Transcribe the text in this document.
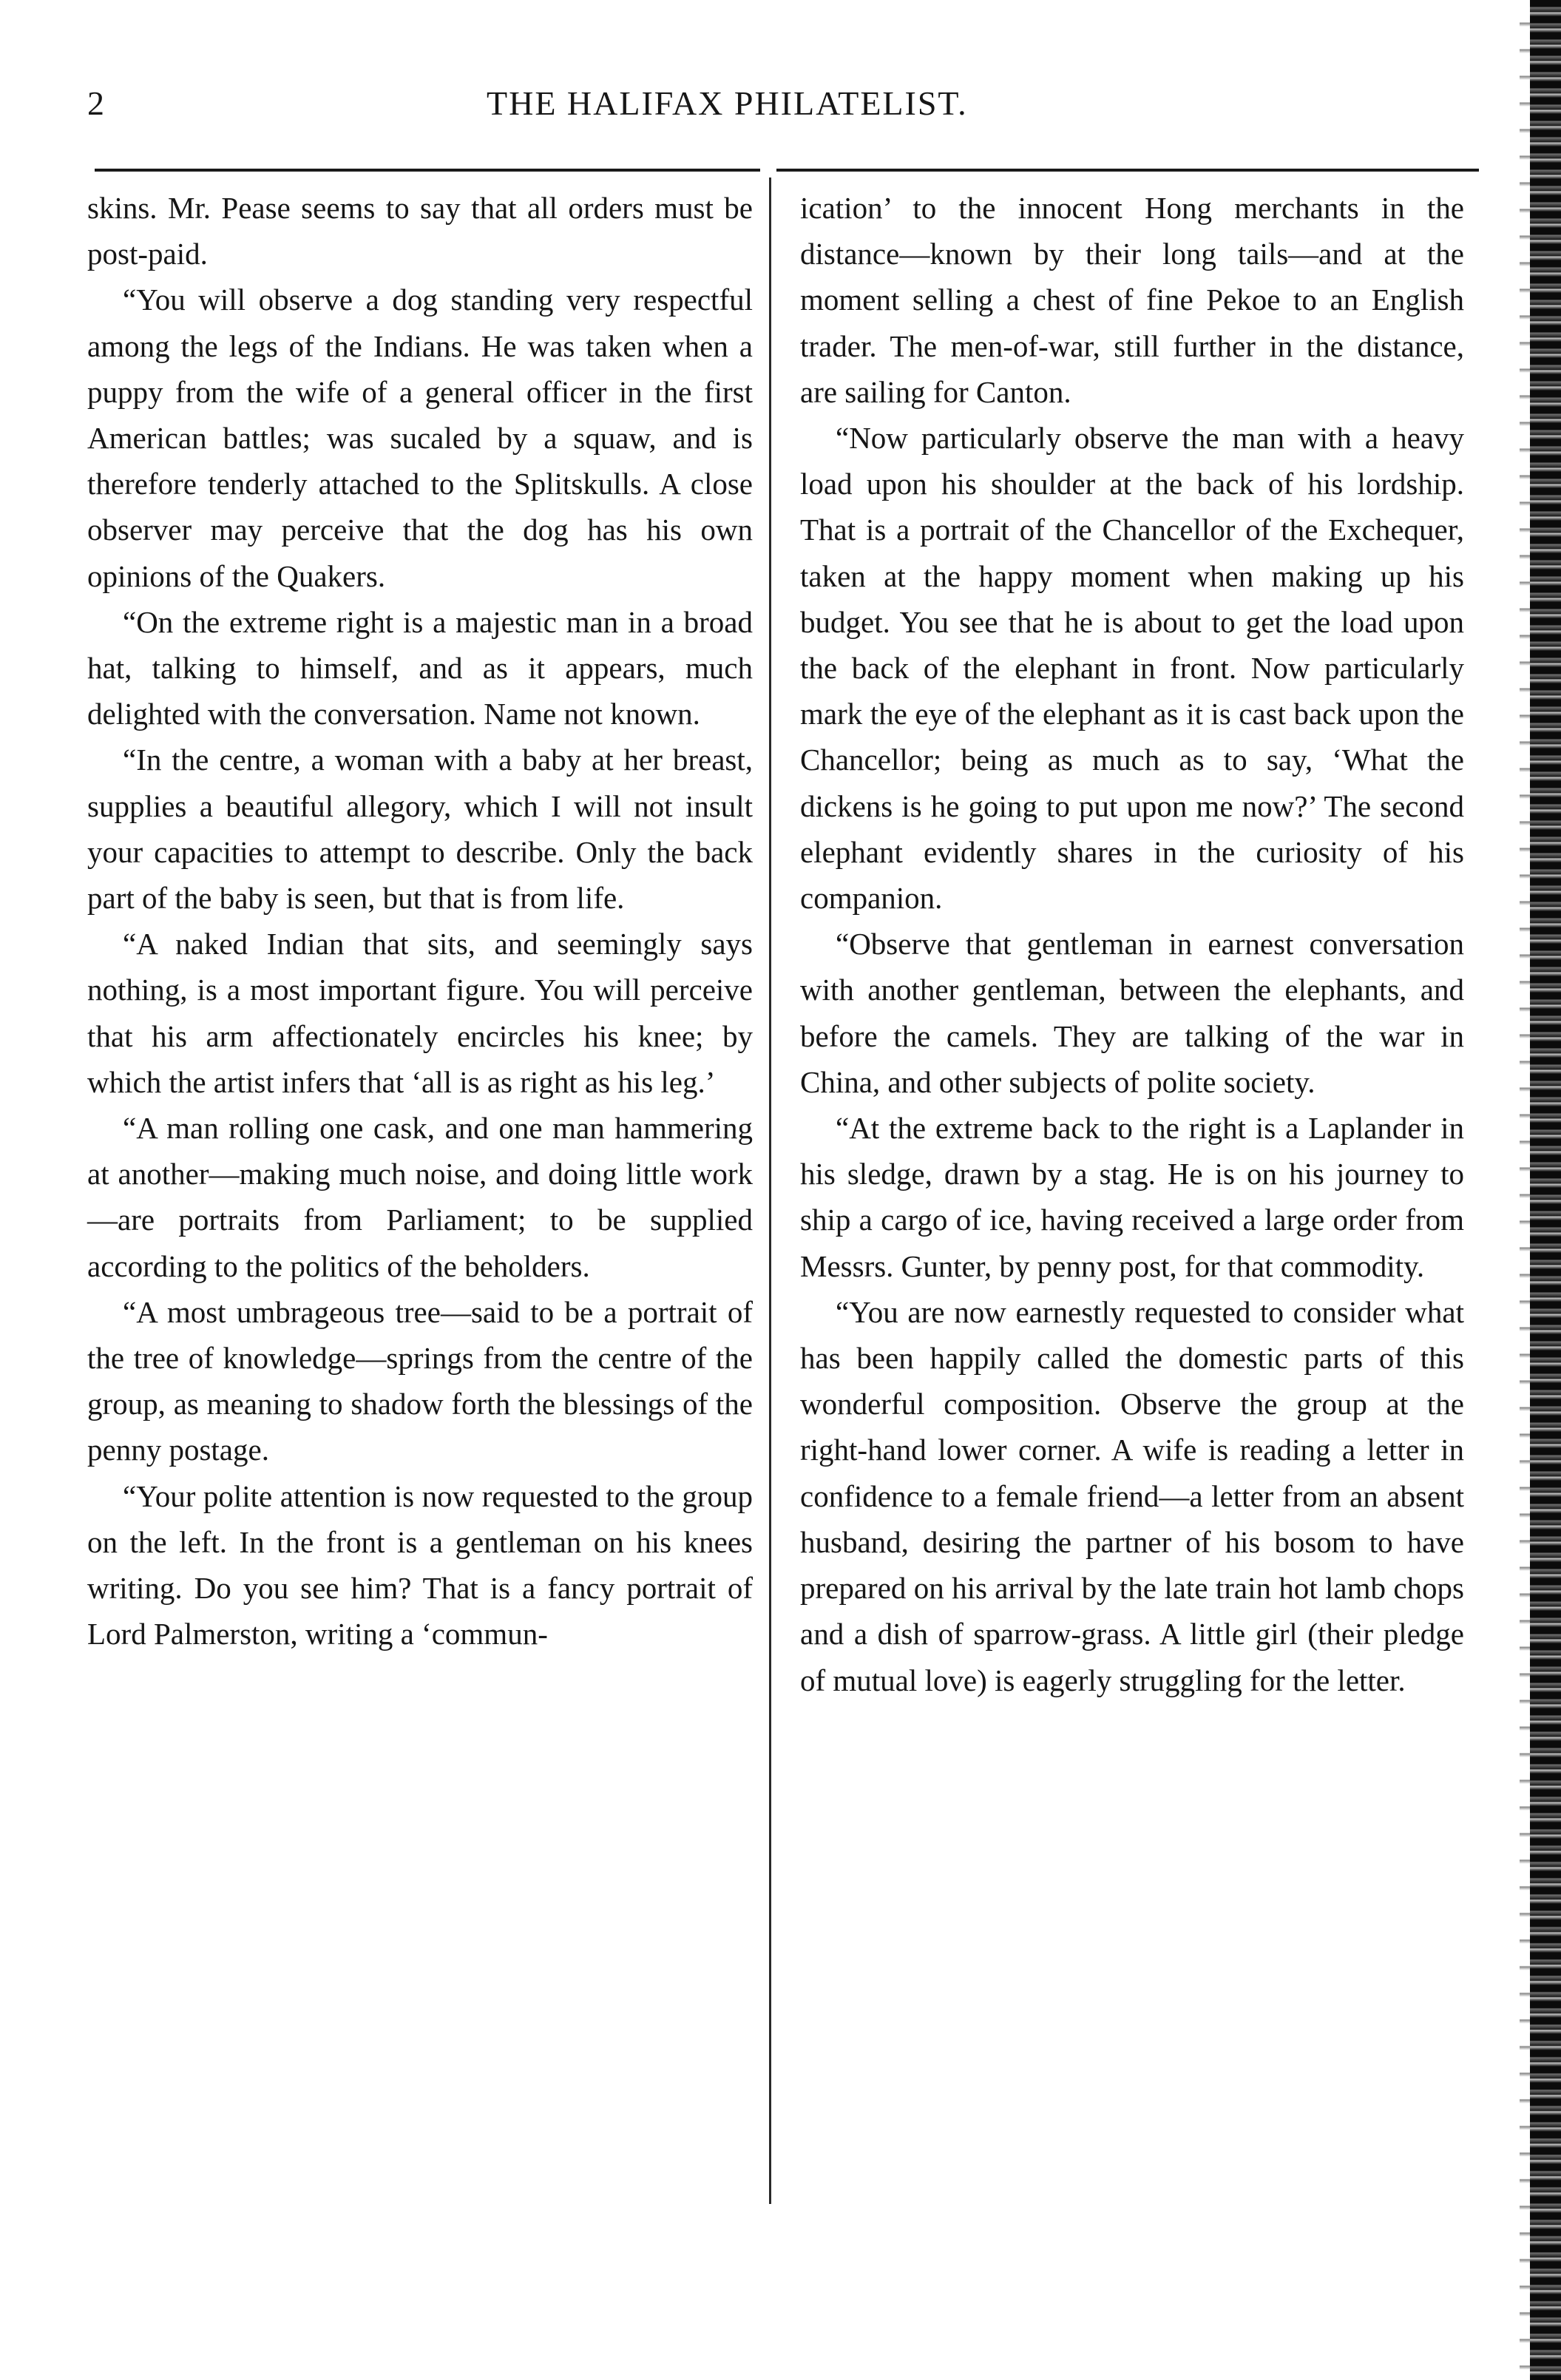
2	THE HALIFAX PHILATELIST.

skins. Mr. Pease seems to say that all orders must be post-paid.

“You will observe a dog standing very respectful among the legs of the Indians. He was taken when a puppy from the wife of a general officer in the first American battles; was sucaled by a squaw, and is therefore tenderly attached to the Splitskulls. A close observer may perceive that the dog has his own opinions of the Quakers.

“On the extreme right is a majestic man in a broad hat, talking to himself, and as it appears, much delighted with the conversation. Name not known.

“In the centre, a woman with a baby at her breast, supplies a beautiful allegory, which I will not insult your capacities to attempt to describe. Only the back part of the baby is seen, but that is from life.

“A naked Indian that sits, and seemingly says nothing, is a most important figure. You will perceive that his arm affectionately encircles his knee; by which the artist infers that ‘all is as right as his leg.’

“A man rolling one cask, and one man hammering at another—making much noise, and doing little work—are portraits from Parliament; to be supplied according to the politics of the beholders.

“A most umbrageous tree—said to be a portrait of the tree of knowledge—springs from the centre of the group, as meaning to shadow forth the blessings of the penny postage.

“Your polite attention is now requested to the group on the left. In the front is a gentleman on his knees writing. Do you see him? That is a fancy portrait of Lord Palmerston, writing a ‘commun-

ication’ to the innocent Hong merchants in the distance—known by their long tails—and at the moment selling a chest of fine Pekoe to an English trader. The men-of-war, still further in the distance, are sailing for Canton.

“Now particularly observe the man with a heavy load upon his shoulder at the back of his lordship. That is a portrait of the Chancellor of the Exchequer, taken at the happy moment when making up his budget. You see that he is about to get the load upon the back of the elephant in front. Now particularly mark the eye of the elephant as it is cast back upon the Chancellor; being as much as to say, ‘What the dickens is he going to put upon me now?’ The second elephant evidently shares in the curiosity of his companion.

“Observe that gentleman in earnest conversation with another gentleman, between the elephants, and before the camels. They are talking of the war in China, and other subjects of polite society.

“At the extreme back to the right is a Laplander in his sledge, drawn by a stag. He is on his journey to ship a cargo of ice, having received a large order from Messrs. Gunter, by penny post, for that commodity.

“You are now earnestly requested to consider what has been happily called the domestic parts of this wonderful composition. Observe the group at the right-hand lower corner. A wife is reading a letter in confidence to a female friend—a letter from an absent husband, desiring the partner of his bosom to have prepared on his arrival by the late train hot lamb chops and a dish of sparrow-grass. A little girl (their pledge of mutual love) is eagerly struggling for the letter.
